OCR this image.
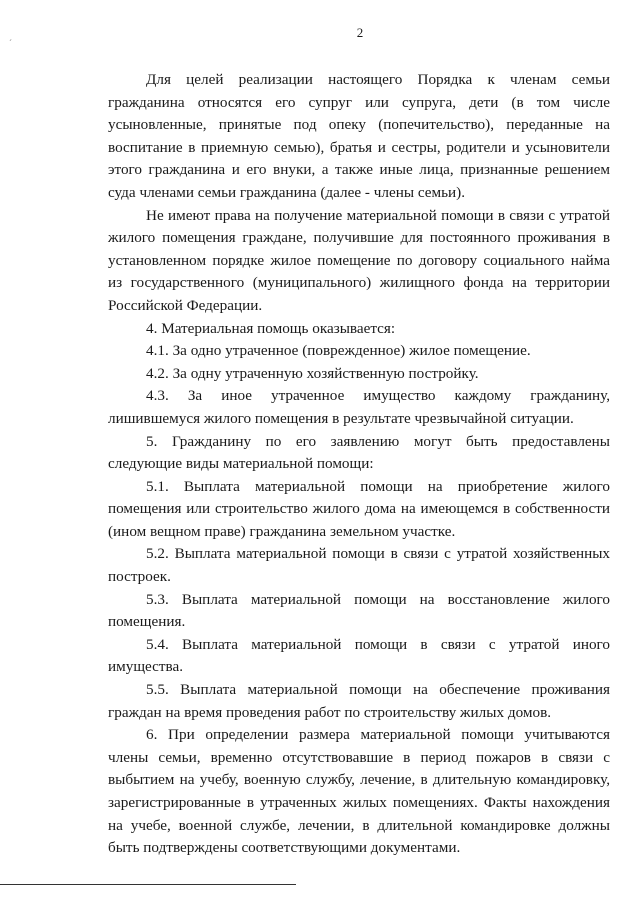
2
´

Для целей реализации настоящего Порядка к членам семьи гражданина относятся его супруг или супруга, дети (в том числе усыновленные, принятые под опеку (попечительство), переданные на воспитание в приемную семью), братья и сестры, родители и усыновители этого гражданина и его внуки, а также иные лица, признанные решением суда членами семьи гражданина (далее - члены семьи).

Не имеют права на получение материальной помощи в связи с утратой жилого помещения граждане, получившие для постоянного проживания в установленном порядке жилое помещение по договору социального найма из государственного (муниципального) жилищного фонда на территории Российской Федерации.

4. Материальная помощь оказывается:

4.1. За одно утраченное (поврежденное) жилое помещение.

4.2. За одну утраченную хозяйственную постройку.

4.3. За иное утраченное имущество каждому гражданину, лишившемуся жилого помещения в результате чрезвычайной ситуации.

5. Гражданину по его заявлению могут быть предоставлены следующие виды материальной помощи:

5.1. Выплата материальной помощи на приобретение жилого помещения или строительство жилого дома на имеющемся в собственности (ином вещном праве) гражданина земельном участке.

5.2. Выплата материальной помощи в связи с утратой хозяйственных построек.

5.3. Выплата материальной помощи на восстановление жилого помещения.

5.4. Выплата материальной помощи в связи с утратой иного имущества.

5.5. Выплата материальной помощи на обеспечение проживания граждан на время проведения работ по строительству жилых домов.

6. При определении размера материальной помощи учитываются члены семьи, временно отсутствовавшие в период пожаров в связи с выбытием на учебу, военную службу, лечение, в длительную командировку, зарегистрированные в утраченных жилых помещениях. Факты нахождения на учебе, военной службе, лечении, в длительной командировке должны быть подтверждены соответствующими документами.
